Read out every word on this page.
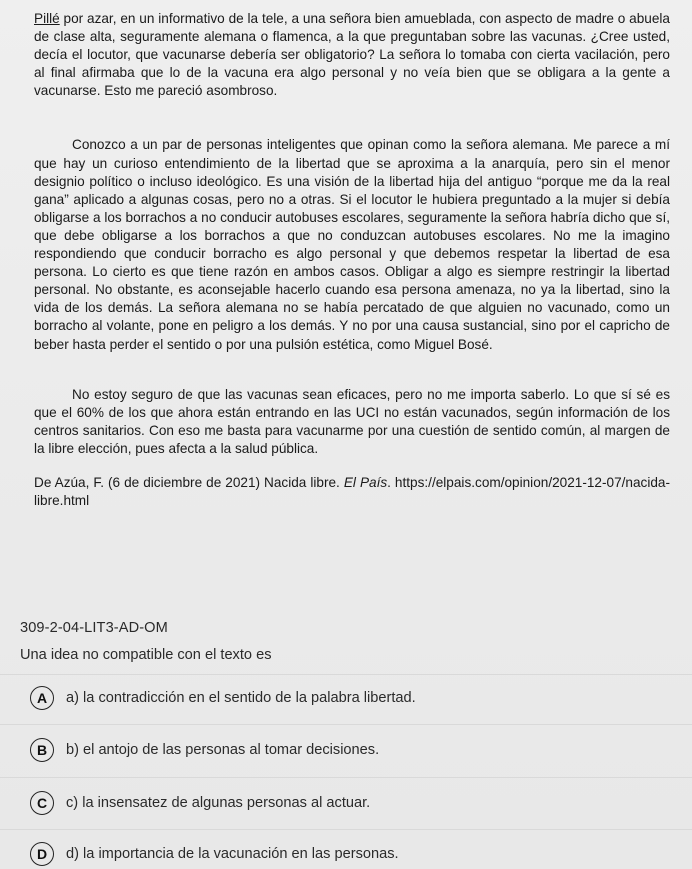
Pillé por azar, en un informativo de la tele, a una señora bien amueblada, con aspecto de madre o abuela de clase alta, seguramente alemana o flamenca, a la que preguntaban sobre las vacunas. ¿Cree usted, decía el locutor, que vacunarse debería ser obligatorio? La señora lo tomaba con cierta vacilación, pero al final afirmaba que lo de la vacuna era algo personal y no veía bien que se obligara a la gente a vacunarse. Esto me pareció asombroso.

Conozco a un par de personas inteligentes que opinan como la señora alemana. Me parece a mí que hay un curioso entendimiento de la libertad que se aproxima a la anarquía, pero sin el menor designio político o incluso ideológico. Es una visión de la libertad hija del antiguo “porque me da la real gana” aplicado a algunas cosas, pero no a otras. Si el locutor le hubiera preguntado a la mujer si debía obligarse a los borrachos a no conducir autobuses escolares, seguramente la señora habría dicho que sí, que debe obligarse a los borrachos a que no conduzcan autobuses escolares. No me la imagino respondiendo que conducir borracho es algo personal y que debemos respetar la libertad de esa persona. Lo cierto es que tiene razón en ambos casos. Obligar a algo es siempre restringir la libertad personal. No obstante, es aconsejable hacerlo cuando esa persona amenaza, no ya la libertad, sino la vida de los demás. La señora alemana no se había percatado de que alguien no vacunado, como un borracho al volante, pone en peligro a los demás. Y no por una causa sustancial, sino por el capricho de beber hasta perder el sentido o por una pulsión estética, como Miguel Bosé.

No estoy seguro de que las vacunas sean eficaces, pero no me importa saberlo. Lo que sí sé es que el 60% de los que ahora están entrando en las UCI no están vacunados, según información de los centros sanitarios. Con eso me basta para vacunarme por una cuestión de sentido común, al margen de la libre elección, pues afecta a la salud pública.

De Azúa, F. (6 de diciembre de 2021) Nacida libre. El País. https://elpais.com/opinion/2021-12-07/nacida-libre.html

309-2-04-LIT3-AD-OM
Una idea no compatible con el texto es
A	a) la contradicción en el sentido de la palabra libertad.
B	b) el antojo de las personas al tomar decisiones.
C	c) la insensatez de algunas personas al actuar.
D	d) la importancia de la vacunación en las personas.
